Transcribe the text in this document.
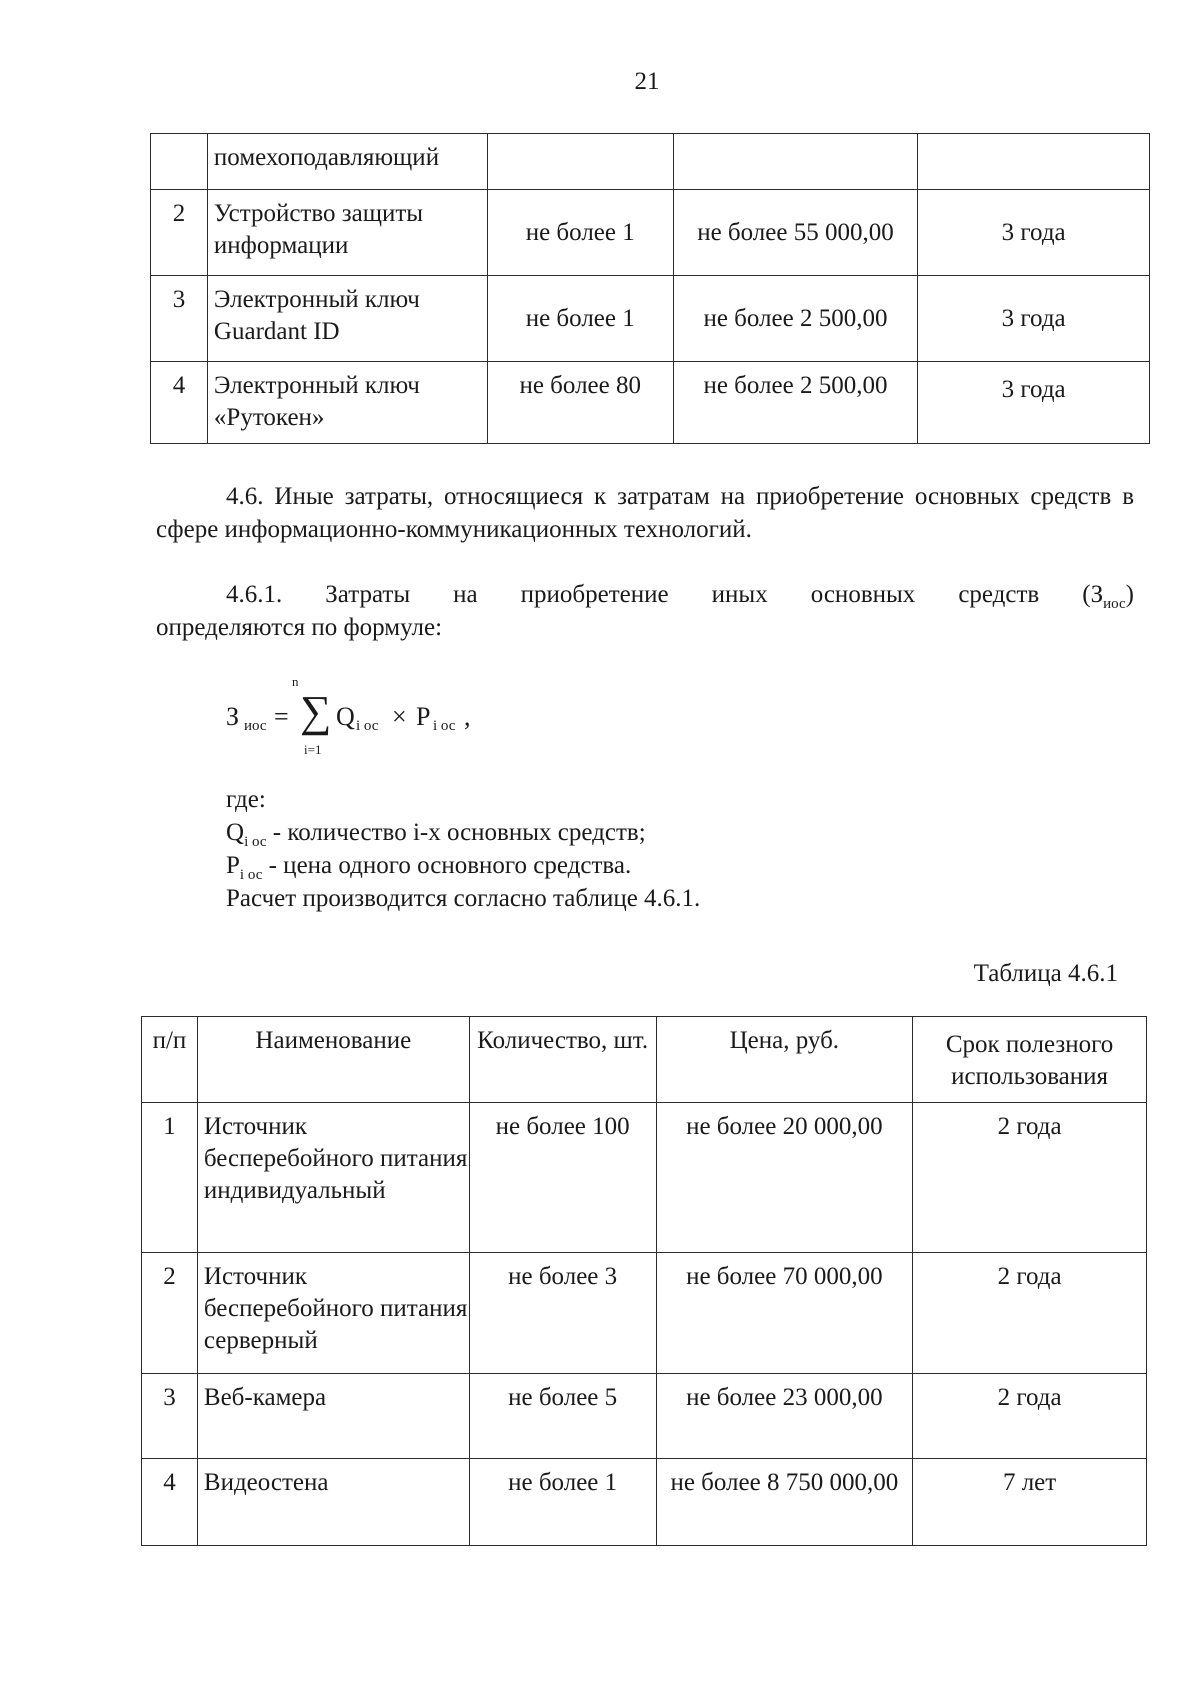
21
	помехоподавляющий			
2	Устройство защиты информации	не более 1	не более 55 000,00	3 года
3	Электронный ключ Guardant ID	не более 1	не более 2 500,00	3 года
4	Электронный ключ «Рутокен»	не более 80	не более 2 500,00	3 года
4.6. Иные затраты, относящиеся к затратам на приобретение основных средств в сфере информационно-коммуникационных технологий.
4.6.1. Затраты на приобретение иных основных средств $(З_{иос})$
определяются по формуле:
З иос =
n
∑
i=1
Q i ос × P i ос ,
где:
$Q_{i ос}$ - количество i-х основных средств;
$P_{i ос}$ - цена одного основного средства.
Расчет производится согласно таблице 4.6.1.
Таблица 4.6.1
п/п	Наименование	Количество, шт.	Цена, руб.	Срок полезного использования
1	Источник бесперебойного питания индивидуальный	не более 100	не более 20 000,00	2 года
2	Источник бесперебойного питания серверный	не более 3	не более 70 000,00	2 года
3	Веб-камера	не более 5	не более 23 000,00	2 года
4	Видеостена	не более 1	не более 8 750 000,00	7 лет
